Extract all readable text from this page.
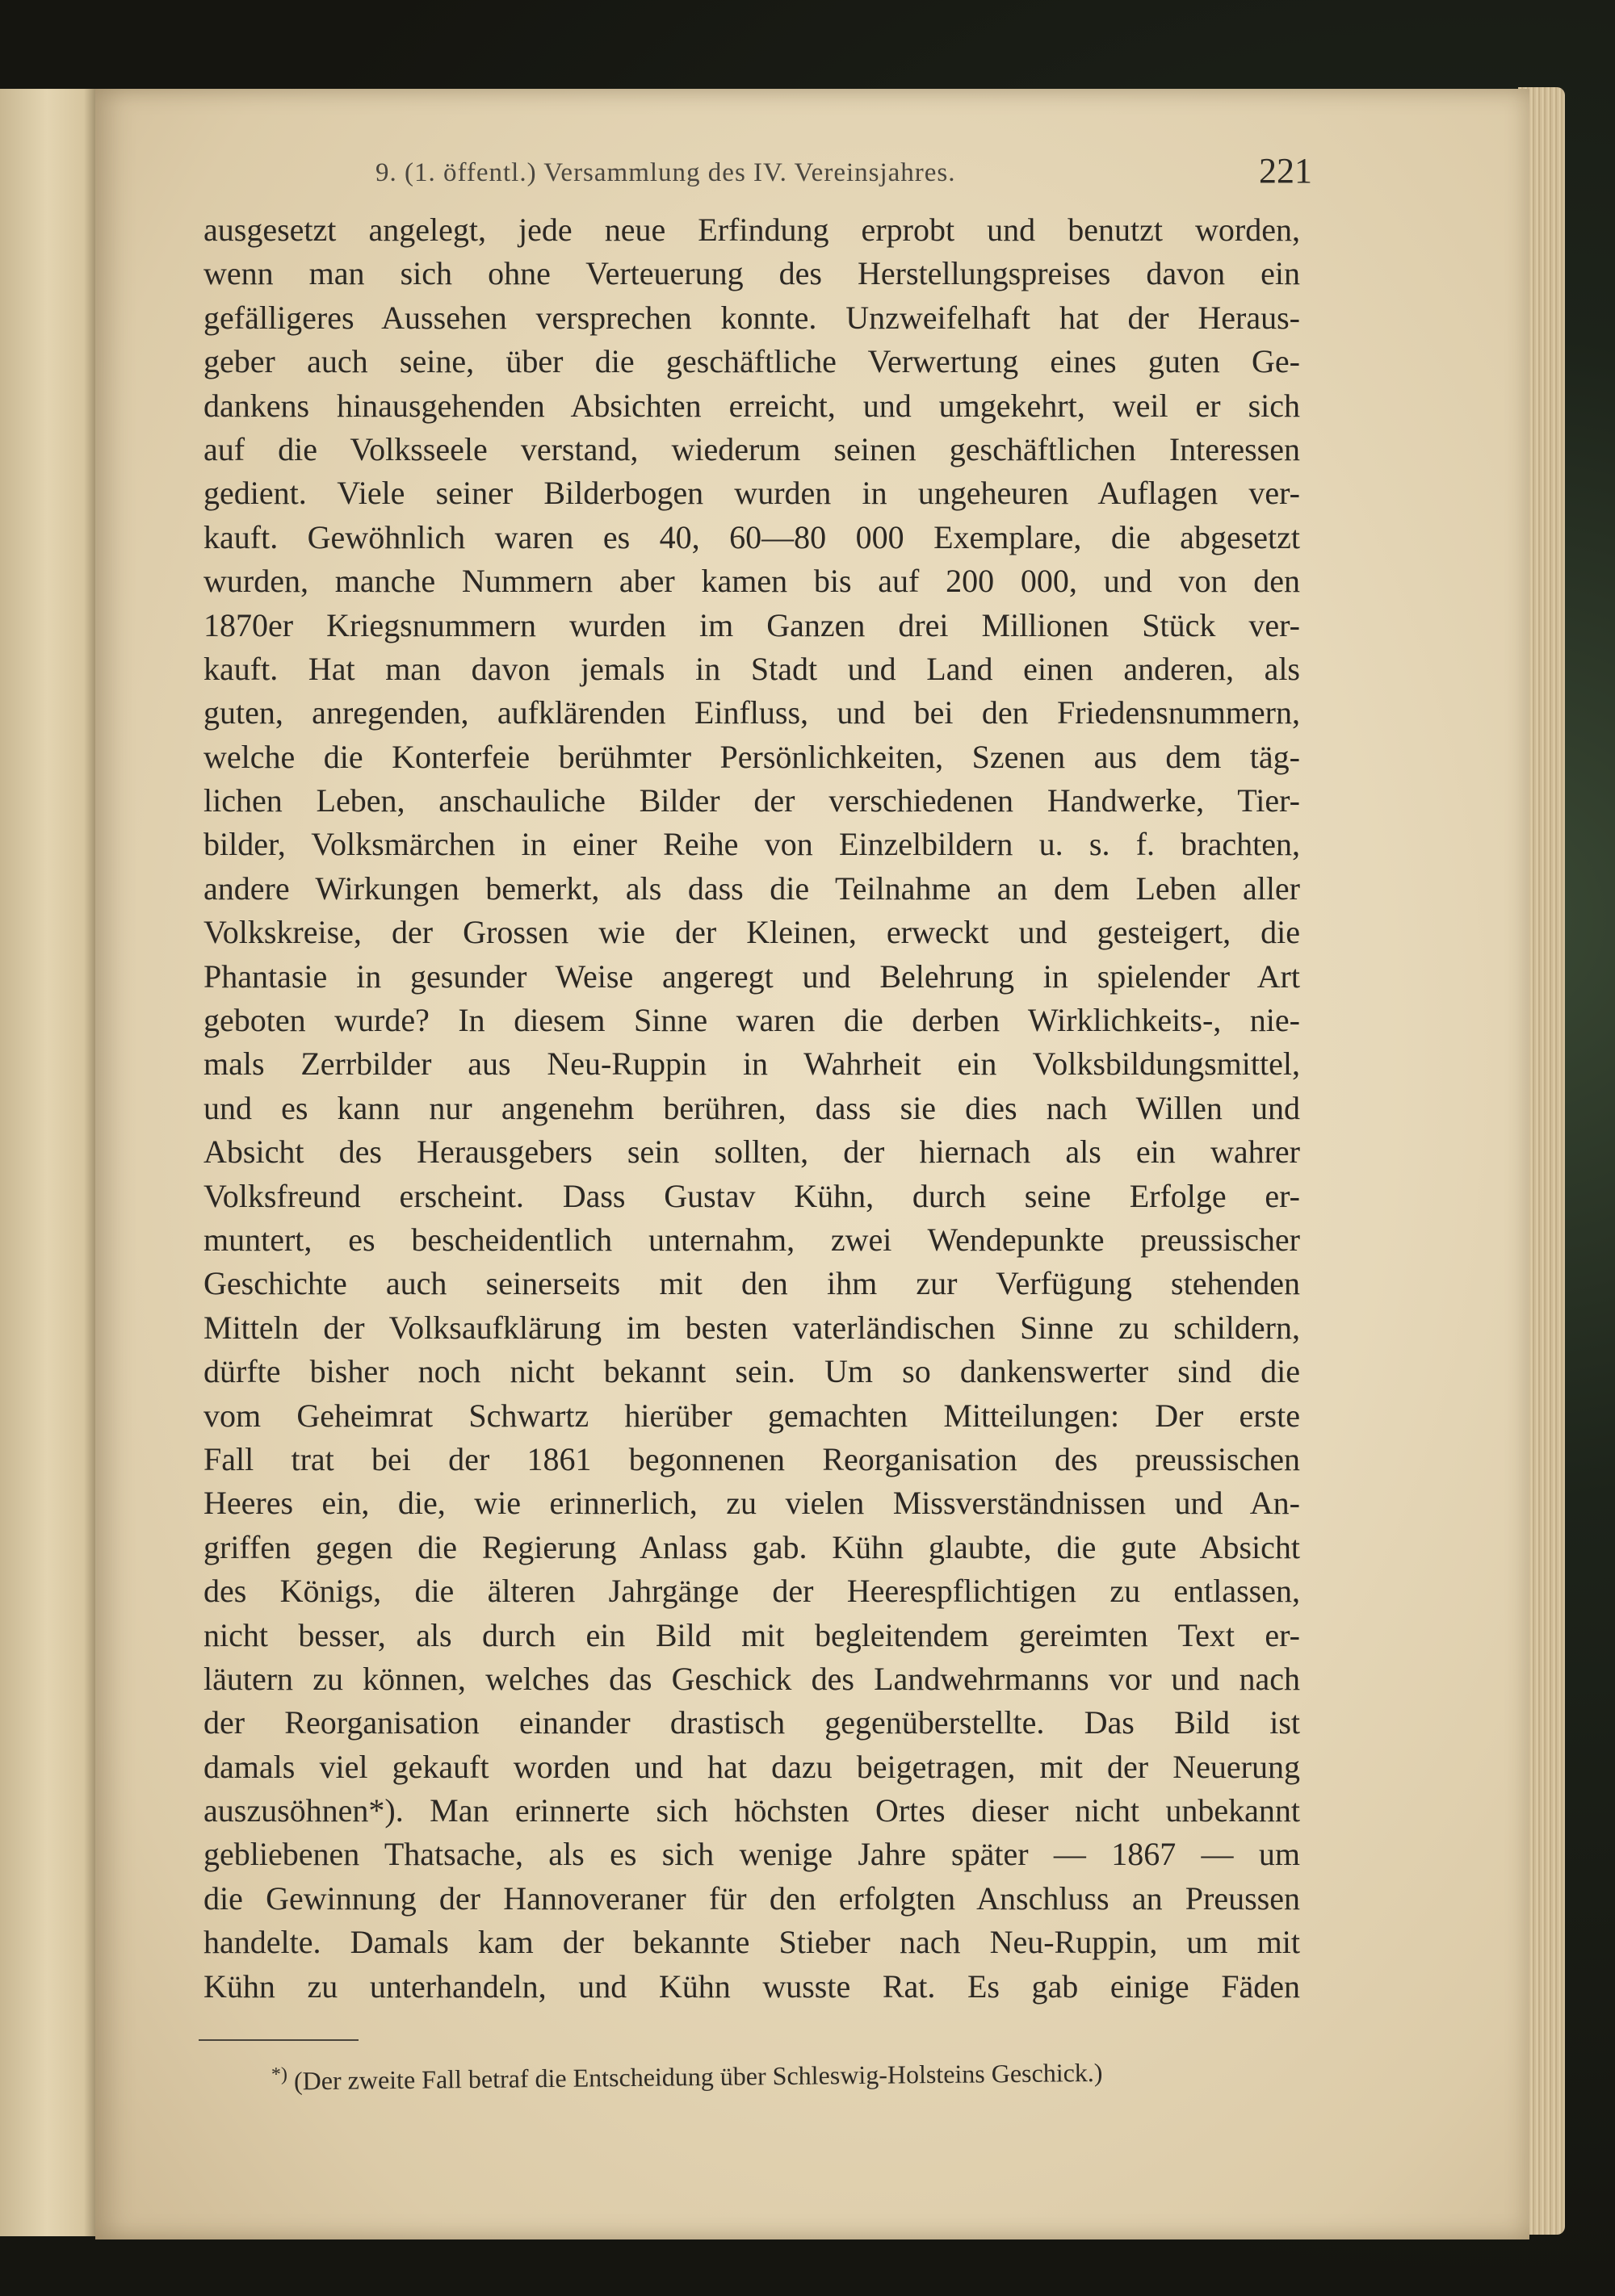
9. (1. öffentl.) Versammlung des IV. Vereinsjahres.	221
ausgesetzt angelegt, jede neue Erfindung erprobt und benutzt worden,
wenn man sich ohne Verteuerung des Herstellungspreises davon ein
gefälligeres Aussehen versprechen konnte. Unzweifelhaft hat der Heraus-
geber auch seine, über die geschäftliche Verwertung eines guten Ge-
dankens hinausgehenden Absichten erreicht, und umgekehrt, weil er sich
auf die Volksseele verstand, wiederum seinen geschäftlichen Interessen
gedient. Viele seiner Bilderbogen wurden in ungeheuren Auflagen ver-
kauft. Gewöhnlich waren es 40, 60—80 000 Exemplare, die abgesetzt
wurden, manche Nummern aber kamen bis auf 200 000, und von den
1870er Kriegsnummern wurden im Ganzen drei Millionen Stück ver-
kauft. Hat man davon jemals in Stadt und Land einen anderen, als
guten, anregenden, aufklärenden Einfluss, und bei den Friedensnummern,
welche die Konterfeie berühmter Persönlichkeiten, Szenen aus dem täg-
lichen Leben, anschauliche Bilder der verschiedenen Handwerke, Tier-
bilder, Volksmärchen in einer Reihe von Einzelbildern u. s. f. brachten,
andere Wirkungen bemerkt, als dass die Teilnahme an dem Leben aller
Volkskreise, der Grossen wie der Kleinen, erweckt und gesteigert, die
Phantasie in gesunder Weise angeregt und Belehrung in spielender Art
geboten wurde? In diesem Sinne waren die derben Wirklichkeits-, nie-
mals Zerrbilder aus Neu-Ruppin in Wahrheit ein Volksbildungsmittel,
und es kann nur angenehm berühren, dass sie dies nach Willen und
Absicht des Herausgebers sein sollten, der hiernach als ein wahrer
Volksfreund erscheint. Dass Gustav Kühn, durch seine Erfolge er-
muntert, es bescheidentlich unternahm, zwei Wendepunkte preussischer
Geschichte auch seinerseits mit den ihm zur Verfügung stehenden
Mitteln der Volksaufklärung im besten vaterländischen Sinne zu schildern,
dürfte bisher noch nicht bekannt sein. Um so dankenswerter sind die
vom Geheimrat Schwartz hierüber gemachten Mitteilungen: Der erste
Fall trat bei der 1861 begonnenen Reorganisation des preussischen
Heeres ein, die, wie erinnerlich, zu vielen Missverständnissen und An-
griffen gegen die Regierung Anlass gab. Kühn glaubte, die gute Absicht
des Königs, die älteren Jahrgänge der Heerespflichtigen zu entlassen,
nicht besser, als durch ein Bild mit begleitendem gereimten Text er-
läutern zu können, welches das Geschick des Landwehrmanns vor und nach
der Reorganisation einander drastisch gegenüberstellte. Das Bild ist
damals viel gekauft worden und hat dazu beigetragen, mit der Neuerung
auszusöhnen*). Man erinnerte sich höchsten Ortes dieser nicht unbekannt
gebliebenen Thatsache, als es sich wenige Jahre später — 1867 — um
die Gewinnung der Hannoveraner für den erfolgten Anschluss an Preussen
handelte. Damals kam der bekannte Stieber nach Neu-Ruppin, um mit
Kühn zu unterhandeln, und Kühn wusste Rat. Es gab einige Fäden
*) (Der zweite Fall betraf die Entscheidung über Schleswig-Holsteins Geschick.)
